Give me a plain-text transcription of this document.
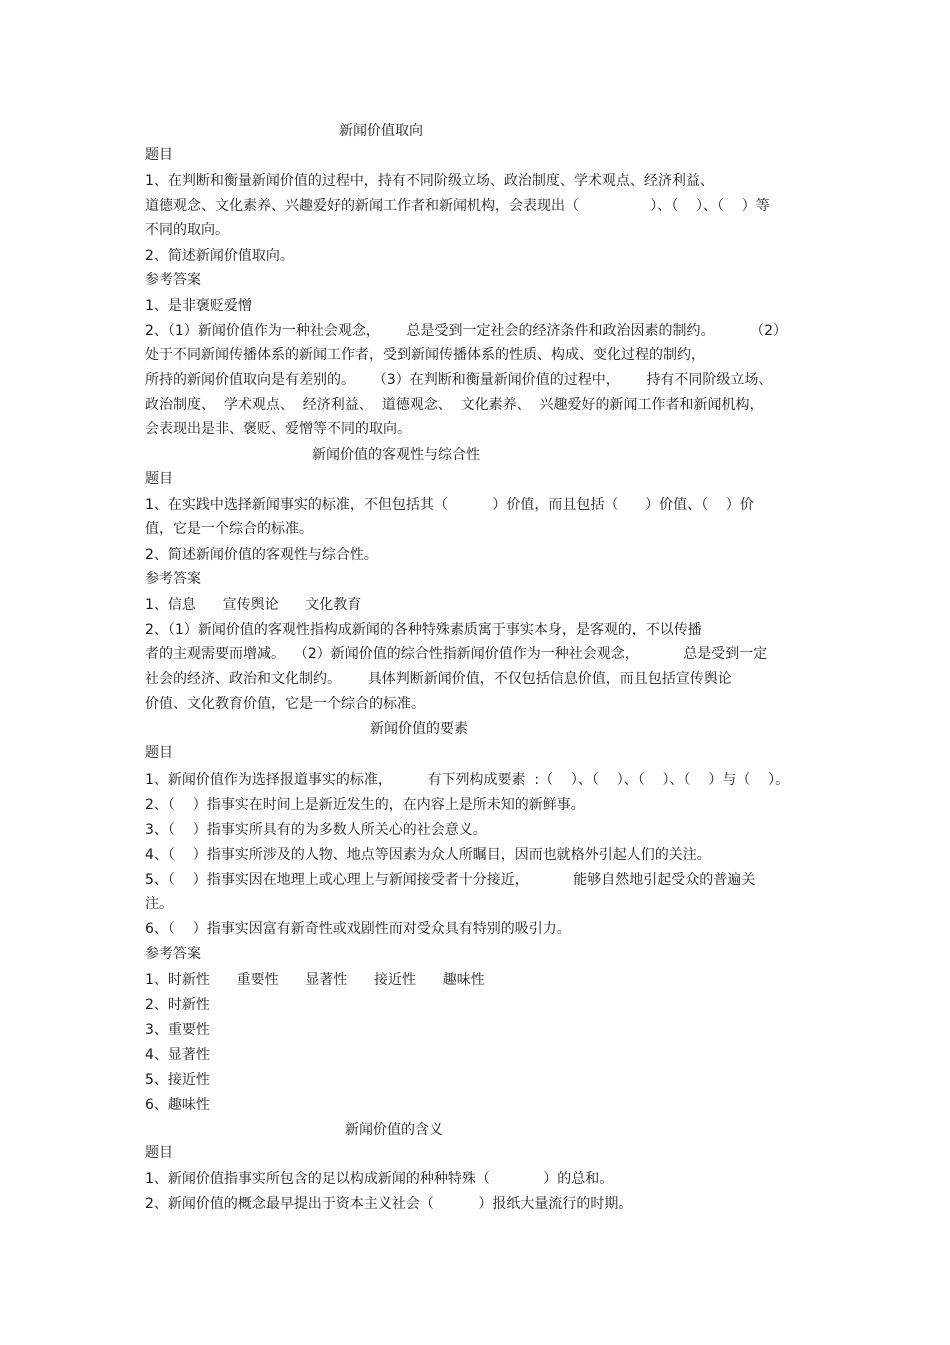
新闻价值取向
题目
1、在判断和衡量新闻价值的过程中，持有不同阶级立场、政治制度、学术观点、经济利益、
道德观念、文化素养、兴趣爱好的新闻工作者和新闻机构，会表现出（                ）、（    ）、（    ）等
不同的取向。
2、简述新闻价值取向。
参考答案
1、是非褒贬爱憎
2、（1）新闻价值作为一种社会观念，      总是受到一定社会的经济条件和政治因素的制约。        （2）
处于不同新闻传播体系的新闻工作者，受到新闻传播体系的性质、构成、变化过程的制约，
所持的新闻价值取向是有差别的。    （3）在判断和衡量新闻价值的过程中，      持有不同阶级立场、
政治制度、  学术观点、  经济利益、  道德观念、  文化素养、  兴趣爱好的新闻工作者和新闻机构，
会表现出是非、褒贬、爱憎等不同的取向。
新闻价值的客观性与综合性
题目
1、在实践中选择新闻事实的标准，不但包括其（          ）价值，而且包括（      ）价值、（    ）价
值，它是一个综合的标准。
2、简述新闻价值的客观性与综合性。
参考答案
1、信息      宣传舆论      文化教育
2、（1）新闻价值的客观性指构成新闻的各种特殊素质寓于事实本身，是客观的，不以传播
者的主观需要而增减。  （2）新闻价值的综合性指新闻价值作为一种社会观念，          总是受到一定
社会的经济、政治和文化制约。      具体判断新闻价值，不仅包括信息价值，而且包括宣传舆论
价值、文化教育价值，它是一个综合的标准。
新闻价值的要素
题目
1、新闻价值作为选择报道事实的标准，        有下列构成要素  :（    ）、（    ）、（    ）、（    ）与（    ）。
2、（    ）指事实在时间上是新近发生的，在内容上是所未知的新鲜事。
3、（    ）指事实所具有的为多数人所关心的社会意义。
4、（    ）指事实所涉及的人物、地点等因素为众人所瞩目，因而也就格外引起人们的关注。
5、（    ）指事实因在地理上或心理上与新闻接受者十分接近，          能够自然地引起受众的普遍关
注。
6、（    ）指事实因富有新奇性或戏剧性而对受众具有特别的吸引力。
参考答案
1、时新性      重要性      显著性      接近性      趣味性
2、时新性
3、重要性
4、显著性
5、接近性
6、趣味性
新闻价值的含义
题目
1、新闻价值指事实所包含的足以构成新闻的种种特殊（            ）的总和。
2、新闻价值的概念最早提出于资本主义社会（          ）报纸大量流行的时期。
